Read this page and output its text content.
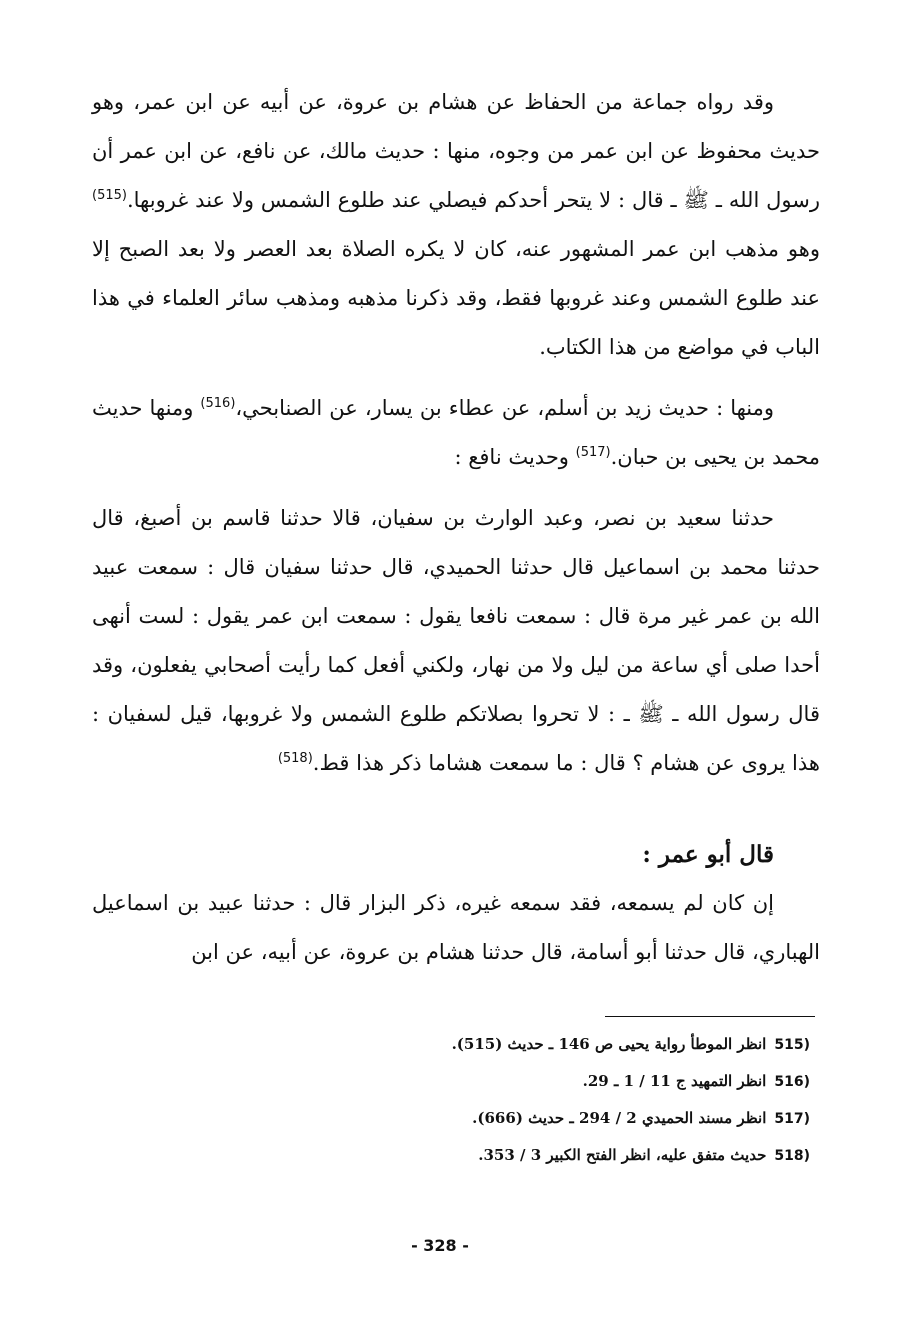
وقد رواه جماعة من الحفاظ عن هشام بن عروة، عن أبيه عن ابن عمر، وهو حديث محفوظ عن ابن عمر من وجوه، منها : حديث مالك، عن نافع، عن ابن عمر أن رسول الله ـ ﷺ ـ قال : لا يتحر أحدكم فيصلي عند طلوع الشمس ولا عند غروبها.$^{(515)}$ وهو مذهب ابن عمر المشهور عنه، كان لا يكره الصلاة بعد العصر ولا بعد الصبح إلا عند طلوع الشمس وعند غروبها فقط، وقد ذكرنا مذهبه ومذهب سائر العلماء في هذا الباب في مواضع من هذا الكتاب.

ومنها : حديث زيد بن أسلم، عن عطاء بن يسار، عن الصنابحي،$^{(516)}$ ومنها حديث محمد بن يحيى بن حبان.$^{(517)}$ وحديث نافع :

حدثنا سعيد بن نصر، وعبد الوارث بن سفيان، قالا حدثنا قاسم بن أصبغ، قال حدثنا محمد بن اسماعيل قال حدثنا الحميدي، قال حدثنا سفيان قال : سمعت عبيد الله بن عمر غير مرة قال : سمعت نافعا يقول : سمعت ابن عمر يقول : لست أنهى أحدا صلى أي ساعة من ليل ولا من نهار، ولكني أفعل كما رأيت أصحابي يفعلون، وقد قال رسول الله ـ ﷺ ـ : لا تحروا بصلاتكم طلوع الشمس ولا غروبها، قيل لسفيان : هذا يروى عن هشام ؟ قال : ما سمعت هشاما ذكر هذا قط.$^{(518)}$

قال أبو عمر :

إن كان لم يسمعه، فقد سمعه غيره، ذكر البزار قال : حدثنا عبيد بن اسماعيل الهباري، قال حدثنا أبو أسامة، قال حدثنا هشام بن عروة، عن أبيه، عن ابن

(515انظر الموطأ رواية يحيى ص 146 ـ حديث (515).
(516انظر التمهيد ج 11 / 1 ـ 29.
(517انظر مسند الحميدي 2 / 294 ـ حديث (666).
(518حديث متفق عليه، انظر الفتح الكبير 3 / 353.
- 328 -
